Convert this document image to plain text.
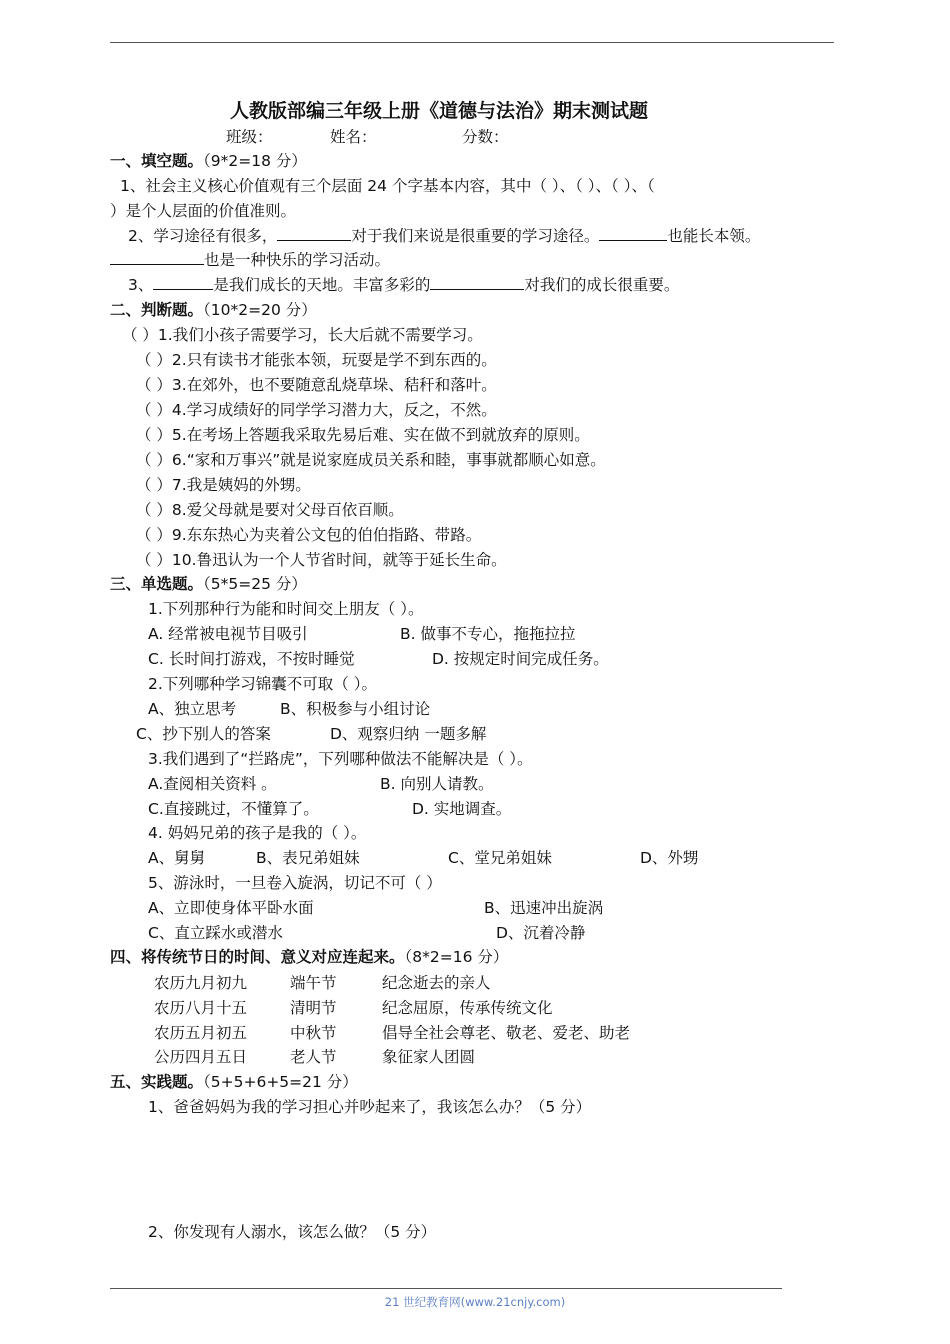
人教版部编三年级上册《道德与法治》期末测试题
班级：	姓名：	分数：
一、填空题。（9*2=18 分）
1、社会主义核心价值观有三个层面 24 个字基本内容，其中（ ）、（ ）、（ ）、（
）是个人层面的价值准则。
2、学习途径有很多，	对于我们来说是很重要的学习途径。	也能长本领。
也是一种快乐的学习活动。
3、	是我们成长的天地。丰富多彩的	对我们的成长很重要。
二、判断题。（10*2=20 分）
（ ）1.我们小孩子需要学习，长大后就不需要学习。
（ ）2.只有读书才能张本领，玩耍是学不到东西的。
（ ）3.在郊外，也不要随意乱烧草垛、秸秆和落叶。
（ ）4.学习成绩好的同学学习潜力大，反之，不然。
（ ）5.在考场上答题我采取先易后难、实在做不到就放弃的原则。
（ ）6.“家和万事兴”就是说家庭成员关系和睦，事事就都顺心如意。
（ ）7.我是姨妈的外甥。
（ ）8.爱父母就是要对父母百依百顺。
（ ）9.东东热心为夹着公文包的伯伯指路、带路。
（ ）10.鲁迅认为一个人节省时间，就等于延长生命。
三、单选题。（5*5=25 分）
1.下列那种行为能和时间交上朋友（ ）。
A. 经常被电视节目吸引	B. 做事不专心，拖拖拉拉
C. 长时间打游戏，不按时睡觉	D. 按规定时间完成任务。
2.下列哪种学习锦囊不可取（ ）。
A、独立思考	B、积极参与小组讨论
C、抄下别人的答案	D、观察归纳 一题多解
3.我们遇到了“拦路虎”，下列哪种做法不能解决是（ ）。
A.查阅相关资料 。	B. 向别人请教。
C.直接跳过，不懂算了。	D. 实地调查。
4. 妈妈兄弟的孩子是我的（ ）。
A、舅舅	B、表兄弟姐妹	C、堂兄弟姐妹	D、外甥
5、游泳时，一旦卷入旋涡，切记不可（ ）
A、立即使身体平卧水面	B、迅速冲出旋涡
C、直立踩水或潜水	D、沉着冷静
四、将传统节日的时间、意义对应连起来。（8*2=16 分）
农历九月初九	端午节	纪念逝去的亲人
农历八月十五	清明节	纪念屈原，传承传统文化
农历五月初五	中秋节	倡导全社会尊老、敬老、爱老、助老
公历四月五日	老人节	象征家人团圆
五、实践题。（5+5+6+5=21 分）
1、爸爸妈妈为我的学习担心并吵起来了，我该怎么办？（5 分）
2、你发现有人溺水，该怎么做？（5 分）
21 世纪教育网(www.21cnjy.com)
